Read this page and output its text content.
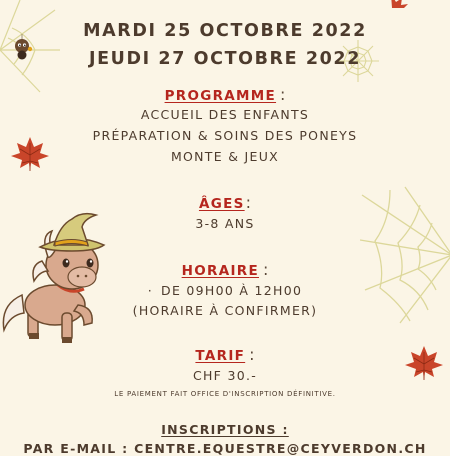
MARDI 25 OCTOBRE 2022
JEUDI 27 OCTOBRE 2022
PROGRAMME :
ACCUEIL DES ENFANTS
PRÉPARATION & SOINS DES PONEYS
MONTE & JEUX
ÂGES:
3-8 ANS
HORAIRE :
· DE 09H00 À 12H00
(HORAIRE À CONFIRMER)
TARIF :
CHF 30.-
LE PAIEMENT FAIT OFFICE D'INSCRIPTION DÉFINITIVE.
INSCRIPTIONS :
PAR E-MAIL : CENTRE.EQUESTRE@CEYVERDON.CH
